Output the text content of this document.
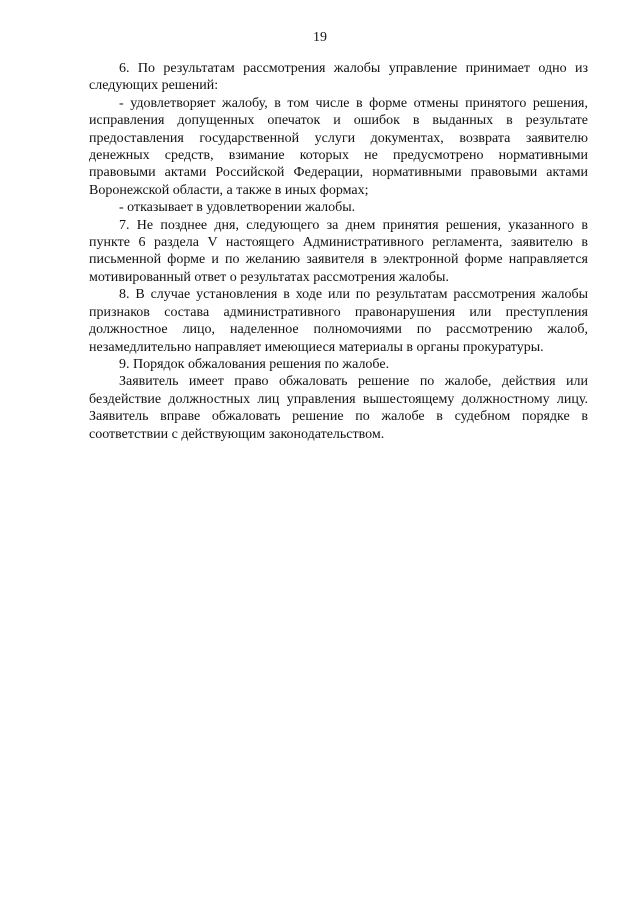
19

6. По результатам рассмотрения жалобы управление принимает одно из следующих решений:

- удовлетворяет жалобу, в том числе в форме отмены принятого решения, исправления допущенных опечаток и ошибок в выданных в результате предоставления государственной услуги документах, возврата заявителю денежных средств, взимание которых не предусмотрено нормативными правовыми актами Российской Федерации, нормативными правовыми актами Воронежской области, а также в иных формах;

- отказывает в удовлетворении жалобы.

7. Не позднее дня, следующего за днем принятия решения, указанного в пункте 6 раздела V настоящего Административного регламента, заявителю в письменной форме и по желанию заявителя в электронной форме направляется мотивированный ответ о результатах рассмотрения жалобы.

8. В случае установления в ходе или по результатам рассмотрения жалобы признаков состава административного правонарушения или преступления должностное лицо, наделенное полномочиями по рассмотрению жалоб, незамедлительно направляет имеющиеся материалы в органы прокуратуры.

9. Порядок обжалования решения по жалобе.

Заявитель имеет право обжаловать решение по жалобе, действия или бездействие должностных лиц управления вышестоящему должностному лицу. Заявитель вправе обжаловать решение по жалобе в судебном порядке в соответствии с действующим законодательством.
